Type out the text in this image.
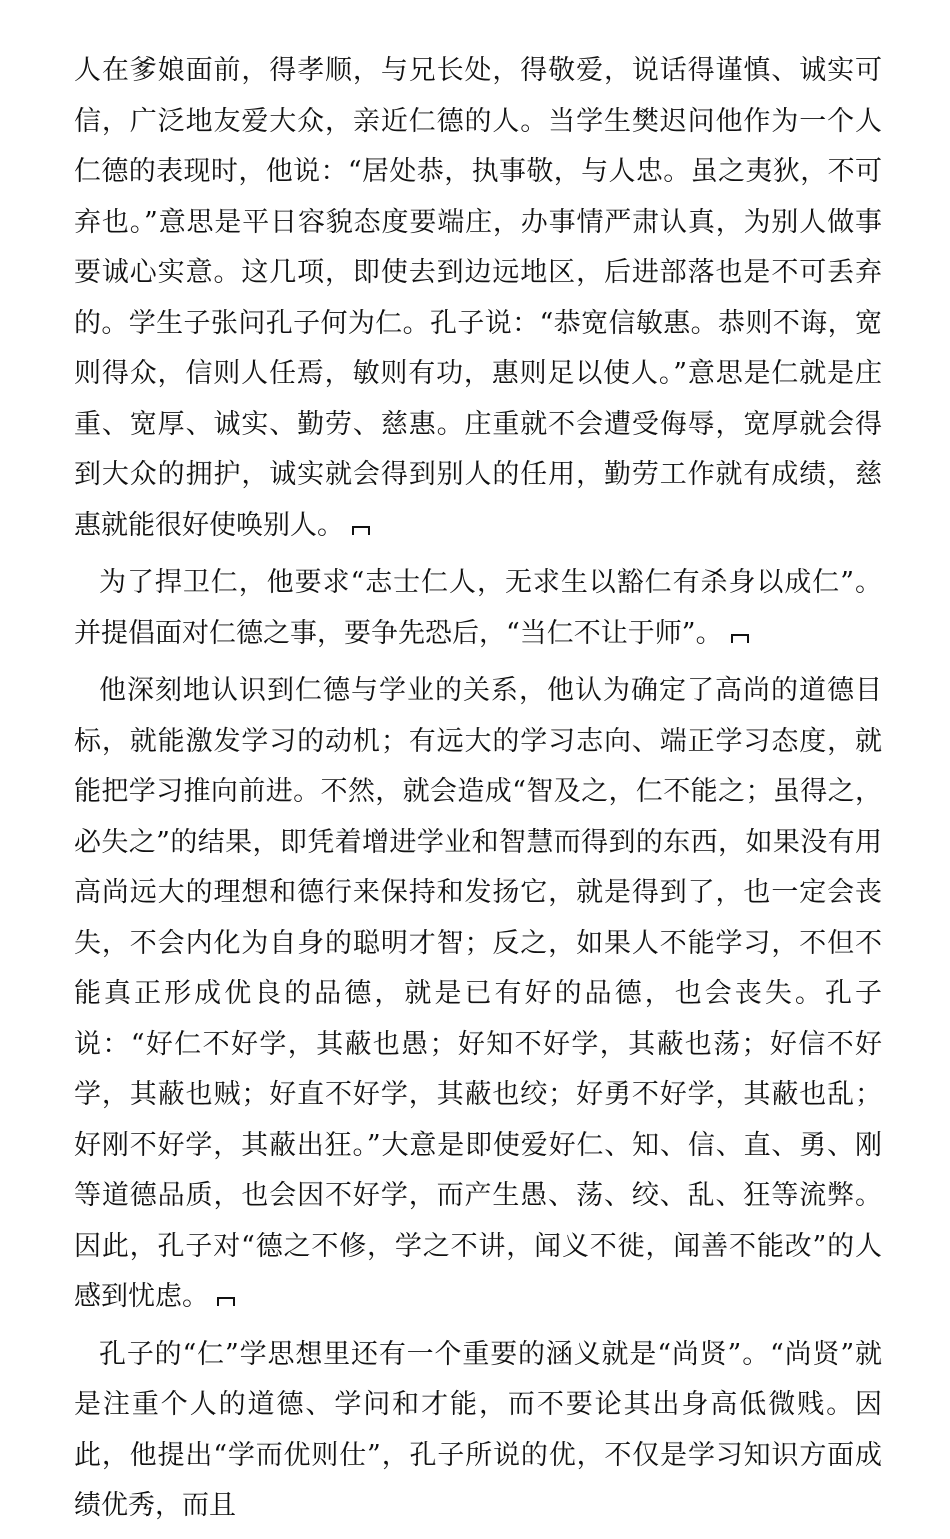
人在爹娘面前，得孝顺，与兄长处，得敬爱，说话得谨慎、诚实可信，广泛地友爱大众，亲近仁德的人。当学生樊迟问他作为一个人仁德的表现时，他说：“居处恭，执事敬，与人忠。虽之夷狄，不可弃也。”意思是平日容貌态度要端庄，办事情严肃认真，为别人做事要诚心实意。这几项，即使去到边远地区，后进部落也是不可丢弃的。学生子张问孔子何为仁。孔子说：“恭宽信敏惠。恭则不诲，宽则得众，信则人任焉，敏则有功，惠则足以使人。”意思是仁就是庄重、宽厚、诚实、勤劳、慈惠。庄重就不会遭受侮辱，宽厚就会得到大众的拥护，诚实就会得到别人的任用，勤劳工作就有成绩，慈惠就能很好使唤别人。

为了捍卫仁，他要求“志士仁人，无求生以豁仁有杀身以成仁”。并提倡面对仁德之事，要争先恐后，“当仁不让于师”。

他深刻地认识到仁德与学业的关系，他认为确定了高尚的道德目标，就能激发学习的动机；有远大的学习志向、端正学习态度，就能把学习推向前进。不然，就会造成“智及之，仁不能之；虽得之，必失之”的结果，即凭着增进学业和智慧而得到的东西，如果没有用高尚远大的理想和德行来保持和发扬它，就是得到了，也一定会丧失，不会内化为自身的聪明才智；反之，如果人不能学习，不但不能真正形成优良的品德，就是已有好的品德，也会丧失。孔子说：“好仁不好学，其蔽也愚；好知不好学，其蔽也荡；好信不好学，其蔽也贼；好直不好学，其蔽也绞；好勇不好学，其蔽也乱；好刚不好学，其蔽出狂。”大意是即使爱好仁、知、信、直、勇、刚等道德品质，也会因不好学，而产生愚、荡、绞、乱、狂等流弊。因此，孔子对“德之不修，学之不讲，闻义不徙，闻善不能改”的人感到忧虑。

孔子的“仁”学思想里还有一个重要的涵义就是“尚贤”。“尚贤”就是注重个人的道德、学问和才能，而不要论其出身高低微贱。因此，他提出“学而优则仕”，孔子所说的优，不仅是学习知识方面成绩优秀，而且
